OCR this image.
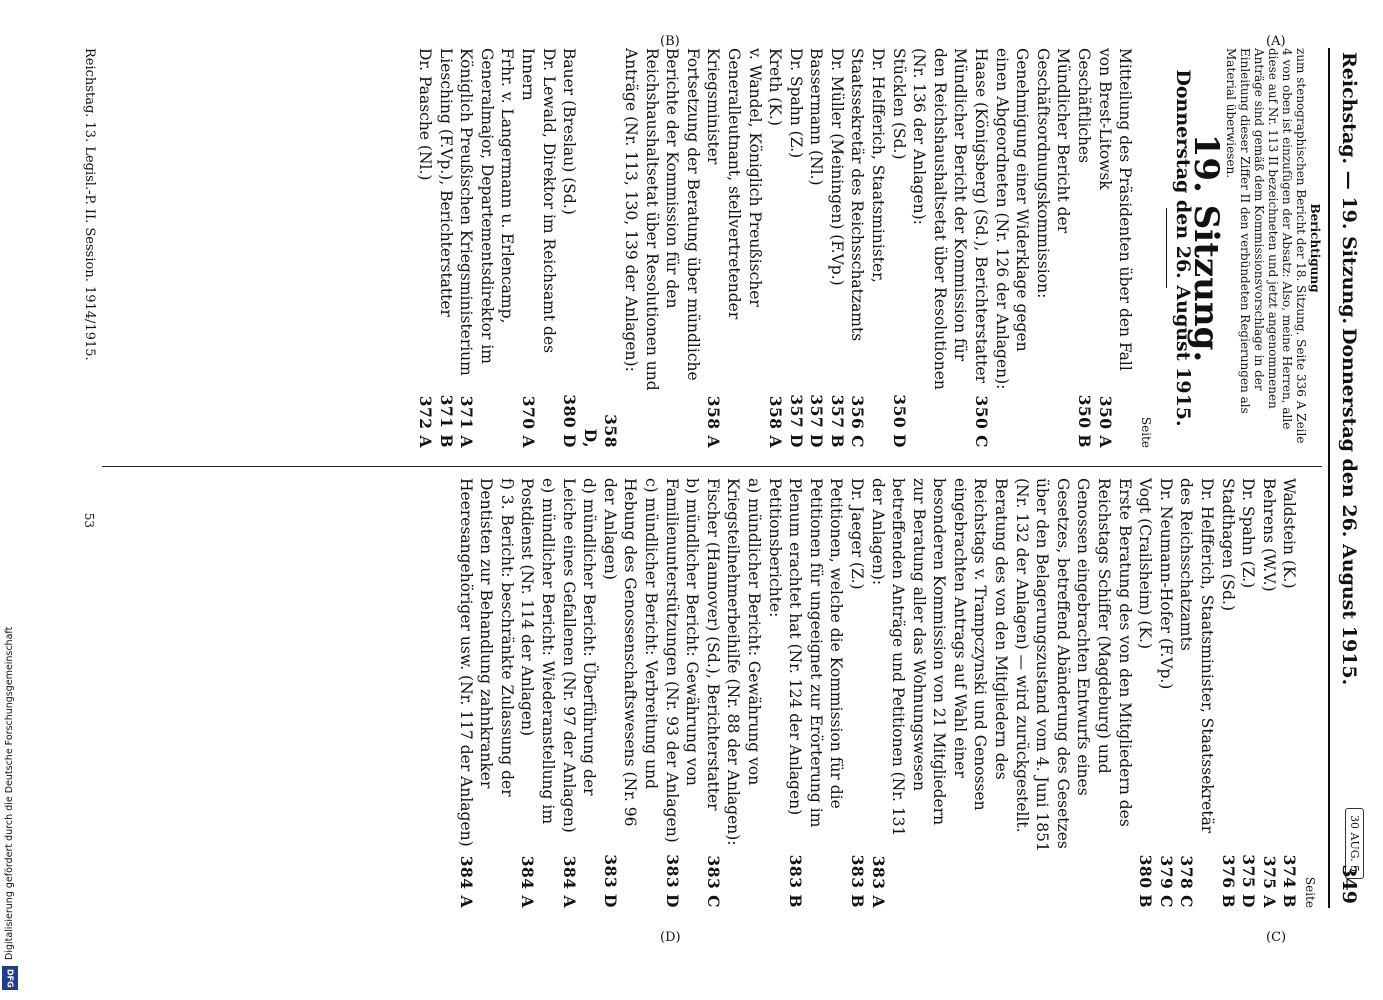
Reichstag. — 19. Sitzung.
Donnerstag den 26. August 1915.
30 AUG. 5
349
Berichtigung
zum stenographischen Bericht der 18. Sitzung. Seite 336 A Zeile 4 von oben ist einzufügen der Absatz: Also, meine Herren, alle diese auf Nr. 113 II bezeichneten und jetzt angenommenen Anträge sind gemäß dem Kommissionsvorschlage in der Einleitung dieser Ziffer II den verbündeten Regierungen als Material überwiesen.
19. Sitzung.
Donnerstag den 26. August 1915.
Seite
Mitteilung des Präsidenten über den Fall von Brest-Litowsk
350 A
Geschäftliches
350 B
Mündlicher Bericht der Geschäftsordnungskommission: Genehmigung einer Widerklage gegen einen Abgeordneten (Nr. 126 der Anlagen):
Haase (Königsberg) (Sd.), Berichterstatter
350 C
Mündlicher Bericht der Kommission für den Reichshaushaltsetat über Resolutionen (Nr. 136 der Anlagen):
Stücklen (Sd.)
350 D
Dr. Helfferich, Staatsminister, Staatssekretär des Reichsschatzamts
356 C
Dr. Müller (Meiningen) (F.Vp.)
357 B
Bassermann (Nl.)
357 D
Dr. Spahn (Z.)
357 D
Kreth (K.)
358 A
v. Wandel, Königlich Preußischer Generalleutnant, stellvertretender Kriegsminister
358 A
Fortsetzung der Beratung über mündliche Berichte der Kommission für den Reichshaushaltsetat über Resolutionen und Anträge (Nr. 113, 130, 139 der Anlagen):
Bauer (Breslau) (Sd.)
358 D, 380 D
Dr. Lewald, Direktor im Reichsamt des Innern
370 A
Frhr. v. Langermann u. Erlencamp, Generalmajor, Departementsdirektor im Königlich Preußischen Kriegsministerium
371 A
Liesching (F.Vp.), Berichterstatter
371 B
Dr. Paasche (Nl.)
372 A
Seite
Waldstein (K.)
374 B
Behrens (W.V.)
375 A
Dr. Spahn (Z.)
375 D
Stadthagen (Sd.)
376 B
Dr. Helfferich, Staatsminister, Staatssekretär des Reichsschatzamts
378 C
Dr. Neumann-Hofer (F.Vp.)
379 C
Vogt (Crailsheim) (K.)
380 B
Erste Beratung des von den Mitgliedern des Reichstags Schiffer (Magdeburg) und Genossen eingebrachten Entwurfs eines Gesetzes, betreffend Abänderung des Gesetzes über den Belagerungszustand vom 4. Juni 1851 (Nr. 132 der Anlagen) — wird zurückgestellt.
Beratung des von den Mitgliedern des Reichstags v. Trampczynski und Genossen eingebrachten Antrags auf Wahl einer besonderen Kommission von 21 Mitgliedern zur Beratung aller das Wohnungswesen betreffenden Anträge und Petitionen (Nr. 131 der Anlagen):
383 A
Dr. Jaeger (Z.)
383 B
Petitionen, welche die Kommission für die Petitionen für ungeeignet zur Erörterung im Plenum erachtet hat (Nr. 124 der Anlagen)
383 B
Petitionsberichte:
a) mündlicher Bericht: Gewährung von Kriegsteilnehmerbeihilfe (Nr. 88 der Anlagen):
Fischer (Hannover) (Sd.), Berichterstatter
383 C
b) mündlicher Bericht: Gewährung von Familienunterstützungen (Nr. 93 der Anlagen)
383 D
c) mündlicher Bericht: Verbreitung und Hebung des Genossenschaftswesens (Nr. 96 der Anlagen)
383 D
d) mündlicher Bericht: Überführung der Leiche eines Gefallenen (Nr. 97 der Anlagen)
384 A
e) mündlicher Bericht: Wiederanstellung im Postdienst (Nr. 114 der Anlagen)
384 A
f) 3. Bericht: beschränkte Zulassung der Dentisten zur Behandlung zahnkranker Heeresangehöriger usw. (Nr. 117 der Anlagen)
384 A
Reichstag. 13. Legisl.-P. II. Session. 1914/1915.
53
(A)
(B)
(C)
(D)
Digitalisierung gefördert durch die Deutsche Forschungsgemeinschaft
DFG
